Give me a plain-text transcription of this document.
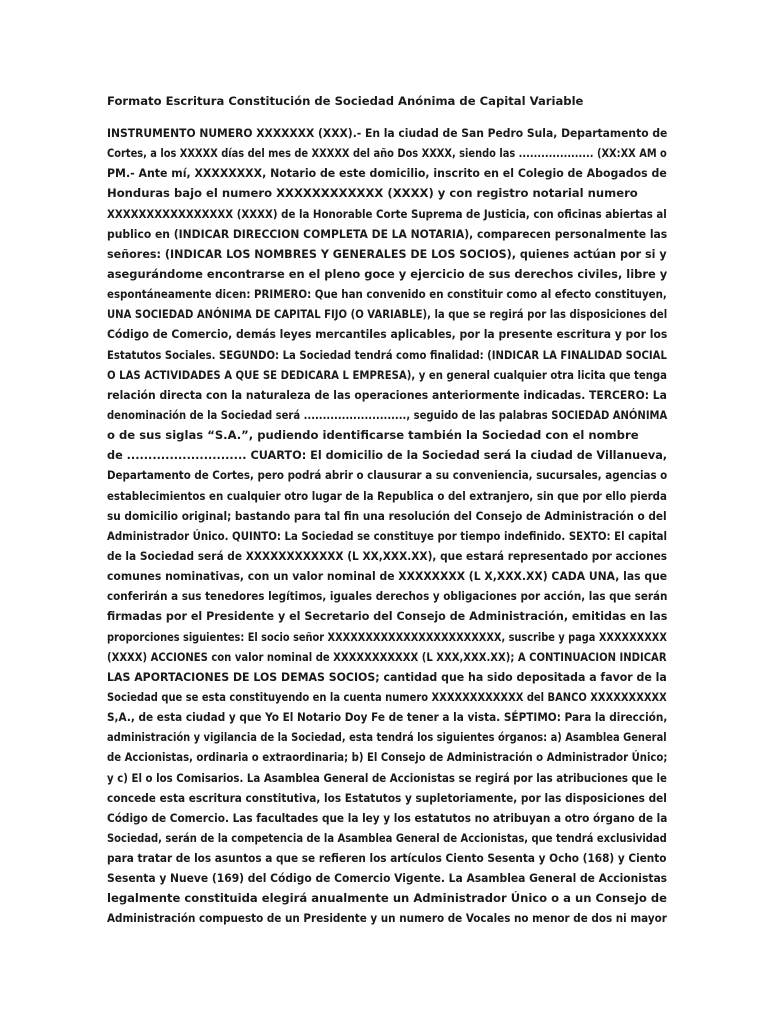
Formato Escritura Constitución de Sociedad Anónima de Capital Variable
INSTRUMENTO NUMERO XXXXXXX (XXX).- En la ciudad de San Pedro Sula, Departamento de
Cortes, a los XXXXX días del mes de XXXXX del año Dos XXXX, siendo las .................... (XX:XX AM o
PM.- Ante mí, XXXXXXXX, Notario de este domicilio, inscrito en el Colegio de Abogados de
Honduras bajo el numero XXXXXXXXXXXX (XXXX) y con registro notarial numero
XXXXXXXXXXXXXXXX (XXXX) de la Honorable Corte Suprema de Justicia, con oficinas abiertas al
publico en (INDICAR DIRECCION COMPLETA DE LA NOTARIA), comparecen personalmente las
señores: (INDICAR LOS NOMBRES Y GENERALES DE LOS SOCIOS), quienes actúan por si y
asegurándome encontrarse en el pleno goce y ejercicio de sus derechos civiles, libre y
espontáneamente dicen: PRIMERO: Que han convenido en constituir como al efecto constituyen,
UNA SOCIEDAD ANÓNIMA DE CAPITAL FIJO (O VARIABLE), la que se regirá por las disposiciones del
Código de Comercio, demás leyes mercantiles aplicables, por la presente escritura y por los
Estatutos Sociales. SEGUNDO: La Sociedad tendrá como finalidad: (INDICAR LA FINALIDAD SOCIAL
O LAS ACTIVIDADES A QUE SE DEDICARA L EMPRESA), y en general cualquier otra licita que tenga
relación directa con la naturaleza de las operaciones anteriormente indicadas. TERCERO: La
denominación de la Sociedad será ..........................., seguido de las palabras SOCIEDAD ANÓNIMA
o de sus siglas “S.A.”, pudiendo identificarse también la Sociedad con el nombre
de ............................ CUARTO: El domicilio de la Sociedad será la ciudad de Villanueva,
Departamento de Cortes, pero podrá abrir o clausurar a su conveniencia, sucursales, agencias o
establecimientos en cualquier otro lugar de la Republica o del extranjero, sin que por ello pierda
su domicilio original; bastando para tal fin una resolución del Consejo de Administración o del
Administrador Único. QUINTO: La Sociedad se constituye por tiempo indefinido. SEXTO: El capital
de la Sociedad será de XXXXXXXXXXXX (L XX,XXX.XX), que estará representado por acciones
comunes nominativas, con un valor nominal de XXXXXXXX (L X,XXX.XX) CADA UNA, las que
conferirán a sus tenedores legítimos, iguales derechos y obligaciones por acción, las que serán
firmadas por el Presidente y el Secretario del Consejo de Administración, emitidas en las
proporciones siguientes: El socio señor XXXXXXXXXXXXXXXXXXXXXXX, suscribe y paga XXXXXXXXX
(XXXX) ACCIONES con valor nominal de XXXXXXXXXXX (L XXX,XXX.XX); A CONTINUACION INDICAR
LAS APORTACIONES DE LOS DEMAS SOCIOS; cantidad que ha sido depositada a favor de la
Sociedad que se esta constituyendo en la cuenta numero XXXXXXXXXXXX del BANCO XXXXXXXXXX
S,A., de esta ciudad y que Yo El Notario Doy Fe de tener a la vista. SÉPTIMO: Para la dirección,
administración y vigilancia de la Sociedad, esta tendrá los siguientes órganos: a) Asamblea General
de Accionistas, ordinaria o extraordinaria; b) El Consejo de Administración o Administrador Único;
y c) El o los Comisarios. La Asamblea General de Accionistas se regirá por las atribuciones que le
concede esta escritura constitutiva, los Estatutos y supletoriamente, por las disposiciones del
Código de Comercio. Las facultades que la ley y los estatutos no atribuyan a otro órgano de la
Sociedad, serán de la competencia de la Asamblea General de Accionistas, que tendrá exclusividad
para tratar de los asuntos a que se refieren los artículos Ciento Sesenta y Ocho (168) y Ciento
Sesenta y Nueve (169) del Código de Comercio Vigente. La Asamblea General de Accionistas
legalmente constituida elegirá anualmente un Administrador Único o a un Consejo de
Administración compuesto de un Presidente y un numero de Vocales no menor de dos ni mayor
